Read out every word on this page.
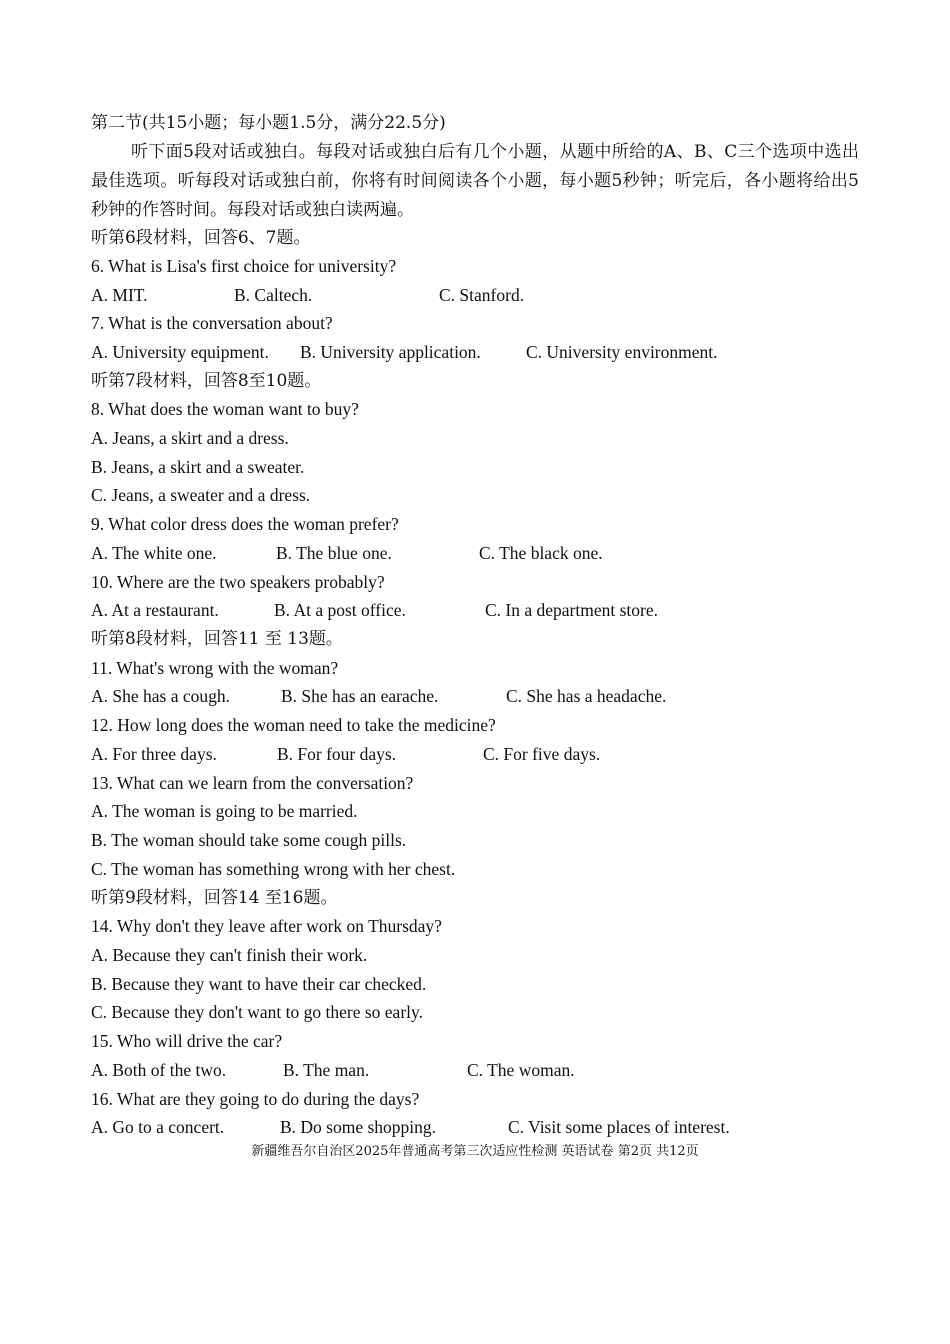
第二节(共15小题；每小题1.5分，满分22.5分)
听下面5段对话或独白。每段对话或独白后有几个小题，从题中所给的A、B、C三个选项中选出最佳选项。听每段对话或独白前，你将有时间阅读各个小题，每小题5秒钟；听完后，各小题将给出5秒钟的作答时间。每段对话或独白读两遍。
听第6段材料，回答6、7题。
6. What is Lisa's first choice for university?
A. MIT.	B. Caltech.	C. Stanford.
7. What is the conversation about?
A. University equipment. B. University application.	C. University environment.
听第7段材料，回答8至10题。
8. What does the woman want to buy?
A. Jeans, a skirt and a dress.
B. Jeans, a skirt and a sweater.
C. Jeans, a sweater and a dress.
9. What color dress does the woman prefer?
A. The white one.	B. The blue one.	C. The black one.
10. Where are the two speakers probably?
A. At a restaurant.	B. At a post office.	C. In a department store.
听第8段材料，回答11 至 13题。
11. What's wrong with the woman?
A. She has a cough.	B. She has an earache.	C. She has a headache.
12. How long does the woman need to take the medicine?
A. For three days.	B. For four days.	C. For five days.
13. What can we learn from the conversation?
A. The woman is going to be married.
B. The woman should take some cough pills.
C. The woman has something wrong with her chest.
听第9段材料，回答14 至16题。
14. Why don't they leave after work on Thursday?
A. Because they can't finish their work.
B. Because they want to have their car checked.
C. Because they don't want to go there so early.
15. Who will drive the car?
A. Both of the two.	B. The man.	C. The woman.
16. What are they going to do during the days?
A. Go to a concert.	B. Do some shopping.	C. Visit some places of interest.
新疆维吾尔自治区2025年普通高考第三次适应性检测 英语试卷 第2页 共12页
